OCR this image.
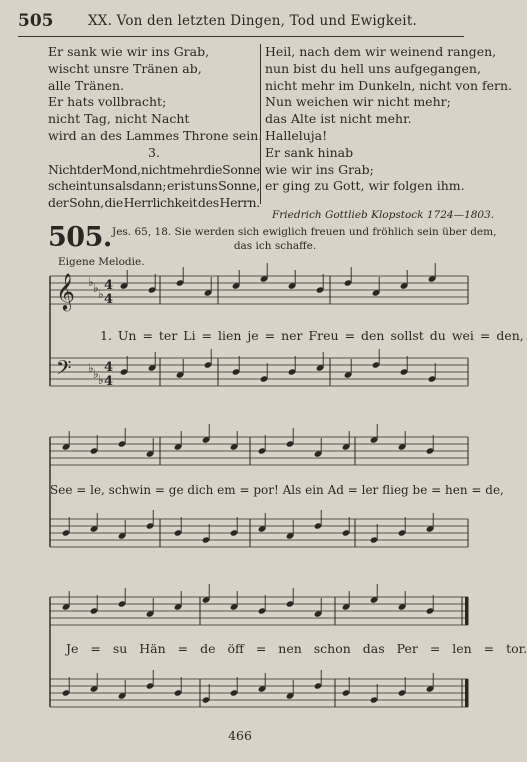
505	XX. Von den letzten Dingen, Tod und Ewigkeit.
Er sank wie wir ins Grab,
wischt unsre Tränen ab,
alle Tränen.
Er hats vollbracht;
nicht Tag, nicht Nacht
wird an des Lammes Throne sein.
3.
Nicht der Mond, nicht mehr die Sonne
scheint uns alsdann; er ist uns Sonne,
der Sohn, die Herrlichkeit des Herrn.
Heil, nach dem wir weinend rangen,
nun bist du hell uns aufgegangen,
nicht mehr im Dunkeln, nicht von fern.
Nun weichen wir nicht mehr;
das Alte ist nicht mehr.
Halleluja!
Er sank hinab
wie wir ins Grab;
er ging zu Gott, wir folgen ihm.
Friedrich Gottlieb Klopstock 1724—1803.
505. Jes. 65, 18. Sie werden sich ewiglich freuen und fröhlich sein über dem,
das ich schaffe.
Eigene Melodie.
𝄞
𝄢
♭
♭
♭
♭
♭
♭
4
4
4
4
1. Un = ter Li = lien je = ner Freu = den sollst du wei = den,
See = le, schwin = ge dich em = por! Als ein Ad = ler flieg be = hen = de,
Je = su Hän = de öff = nen schon das Per = len = tor.
466
